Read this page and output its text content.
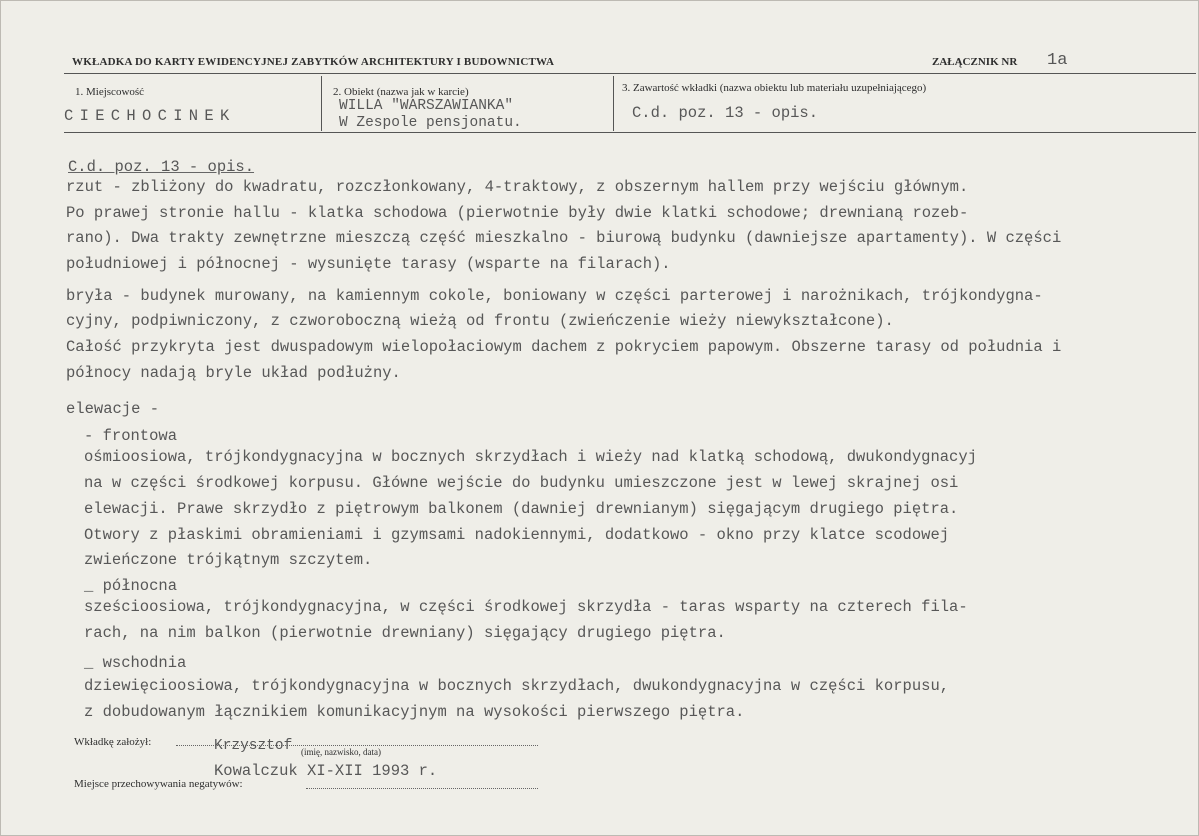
WKŁADKA DO KARTY EWIDENCYJNEJ ZABYTKÓW ARCHITEKTURY I BUDOWNICTWA	ZAŁĄCZNIK NR 1a
1. Miejscowość
CIECHOCINEK
2. Obiekt (nazwa jak w karcie)
WILLA "WARSZAWIANKA"
W Zespole pensjonatu.
3. Zawartość wkładki (nazwa obiektu lub materiału uzupełniającego)
C.d. poz. 13 - opis.
C.d. poz. 13 - opis.
rzut - zbliżony do kwadratu, rozczłonkowany, 4-traktowy, z obszernym hallem przy wejściu głównym.
Po prawej stronie hallu - klatka schodowa (pierwotnie były dwie klatki schodowe; drewnianą rozeb-
rano). Dwa trakty zewnętrzne mieszczą część mieszkalno - biurową budynku (dawniejsze apartamenty). W części
południowej i północnej - wysunięte tarasy (wsparte na filarach).
bryła - budynek murowany, na kamiennym cokole, boniowany w części parterowej i narożnikach, trójkondygna-
cyjny, podpiwniczony, z czworoboczną wieżą od frontu (zwieńczenie wieży niewykształcone).
Całość przykryta jest dwuspadowym wielopołaciowym dachem z pokryciem papowym. Obszerne tarasy od południa i
północy nadają bryle układ podłużny.
elewacje -
- frontowa
ośmioosiowa, trójkondygnacyjna w bocznych skrzydłach i wieży nad klatką schodową, dwukondygnacyj
na w części środkowej korpusu. Główne wejście do budynku umieszczone jest w lewej skrajnej osi
elewacji. Prawe skrzydło z piętrowym balkonem (dawniej drewnianym) sięgającym drugiego piętra.
Otwory z płaskimi obramieniami i gzymsami nadokiennymi, dodatkowo - okno przy klatce scodowej
zwieńczone trójkątnym szczytem.
_ północna
sześcioosiowa, trójkondygnacyjna, w części środkowej skrzydła - taras wsparty na czterech fila-
rach, na nim balkon (pierwotnie drewniany) sięgający drugiego piętra.
_ wschodnia
dziewięcioosiowa, trójkondygnacyjna w bocznych skrzydłach, dwukondygnacyjna w części korpusu,
z dobudowanym łącznikiem komunikacyjnym na wysokości pierwszego piętra.
Wkładkę założył:	Krzysztof (imię, nazwisko, data)
Kowalczuk XI-XII 1993 r.
Miejsce przechowywania negatywów:
